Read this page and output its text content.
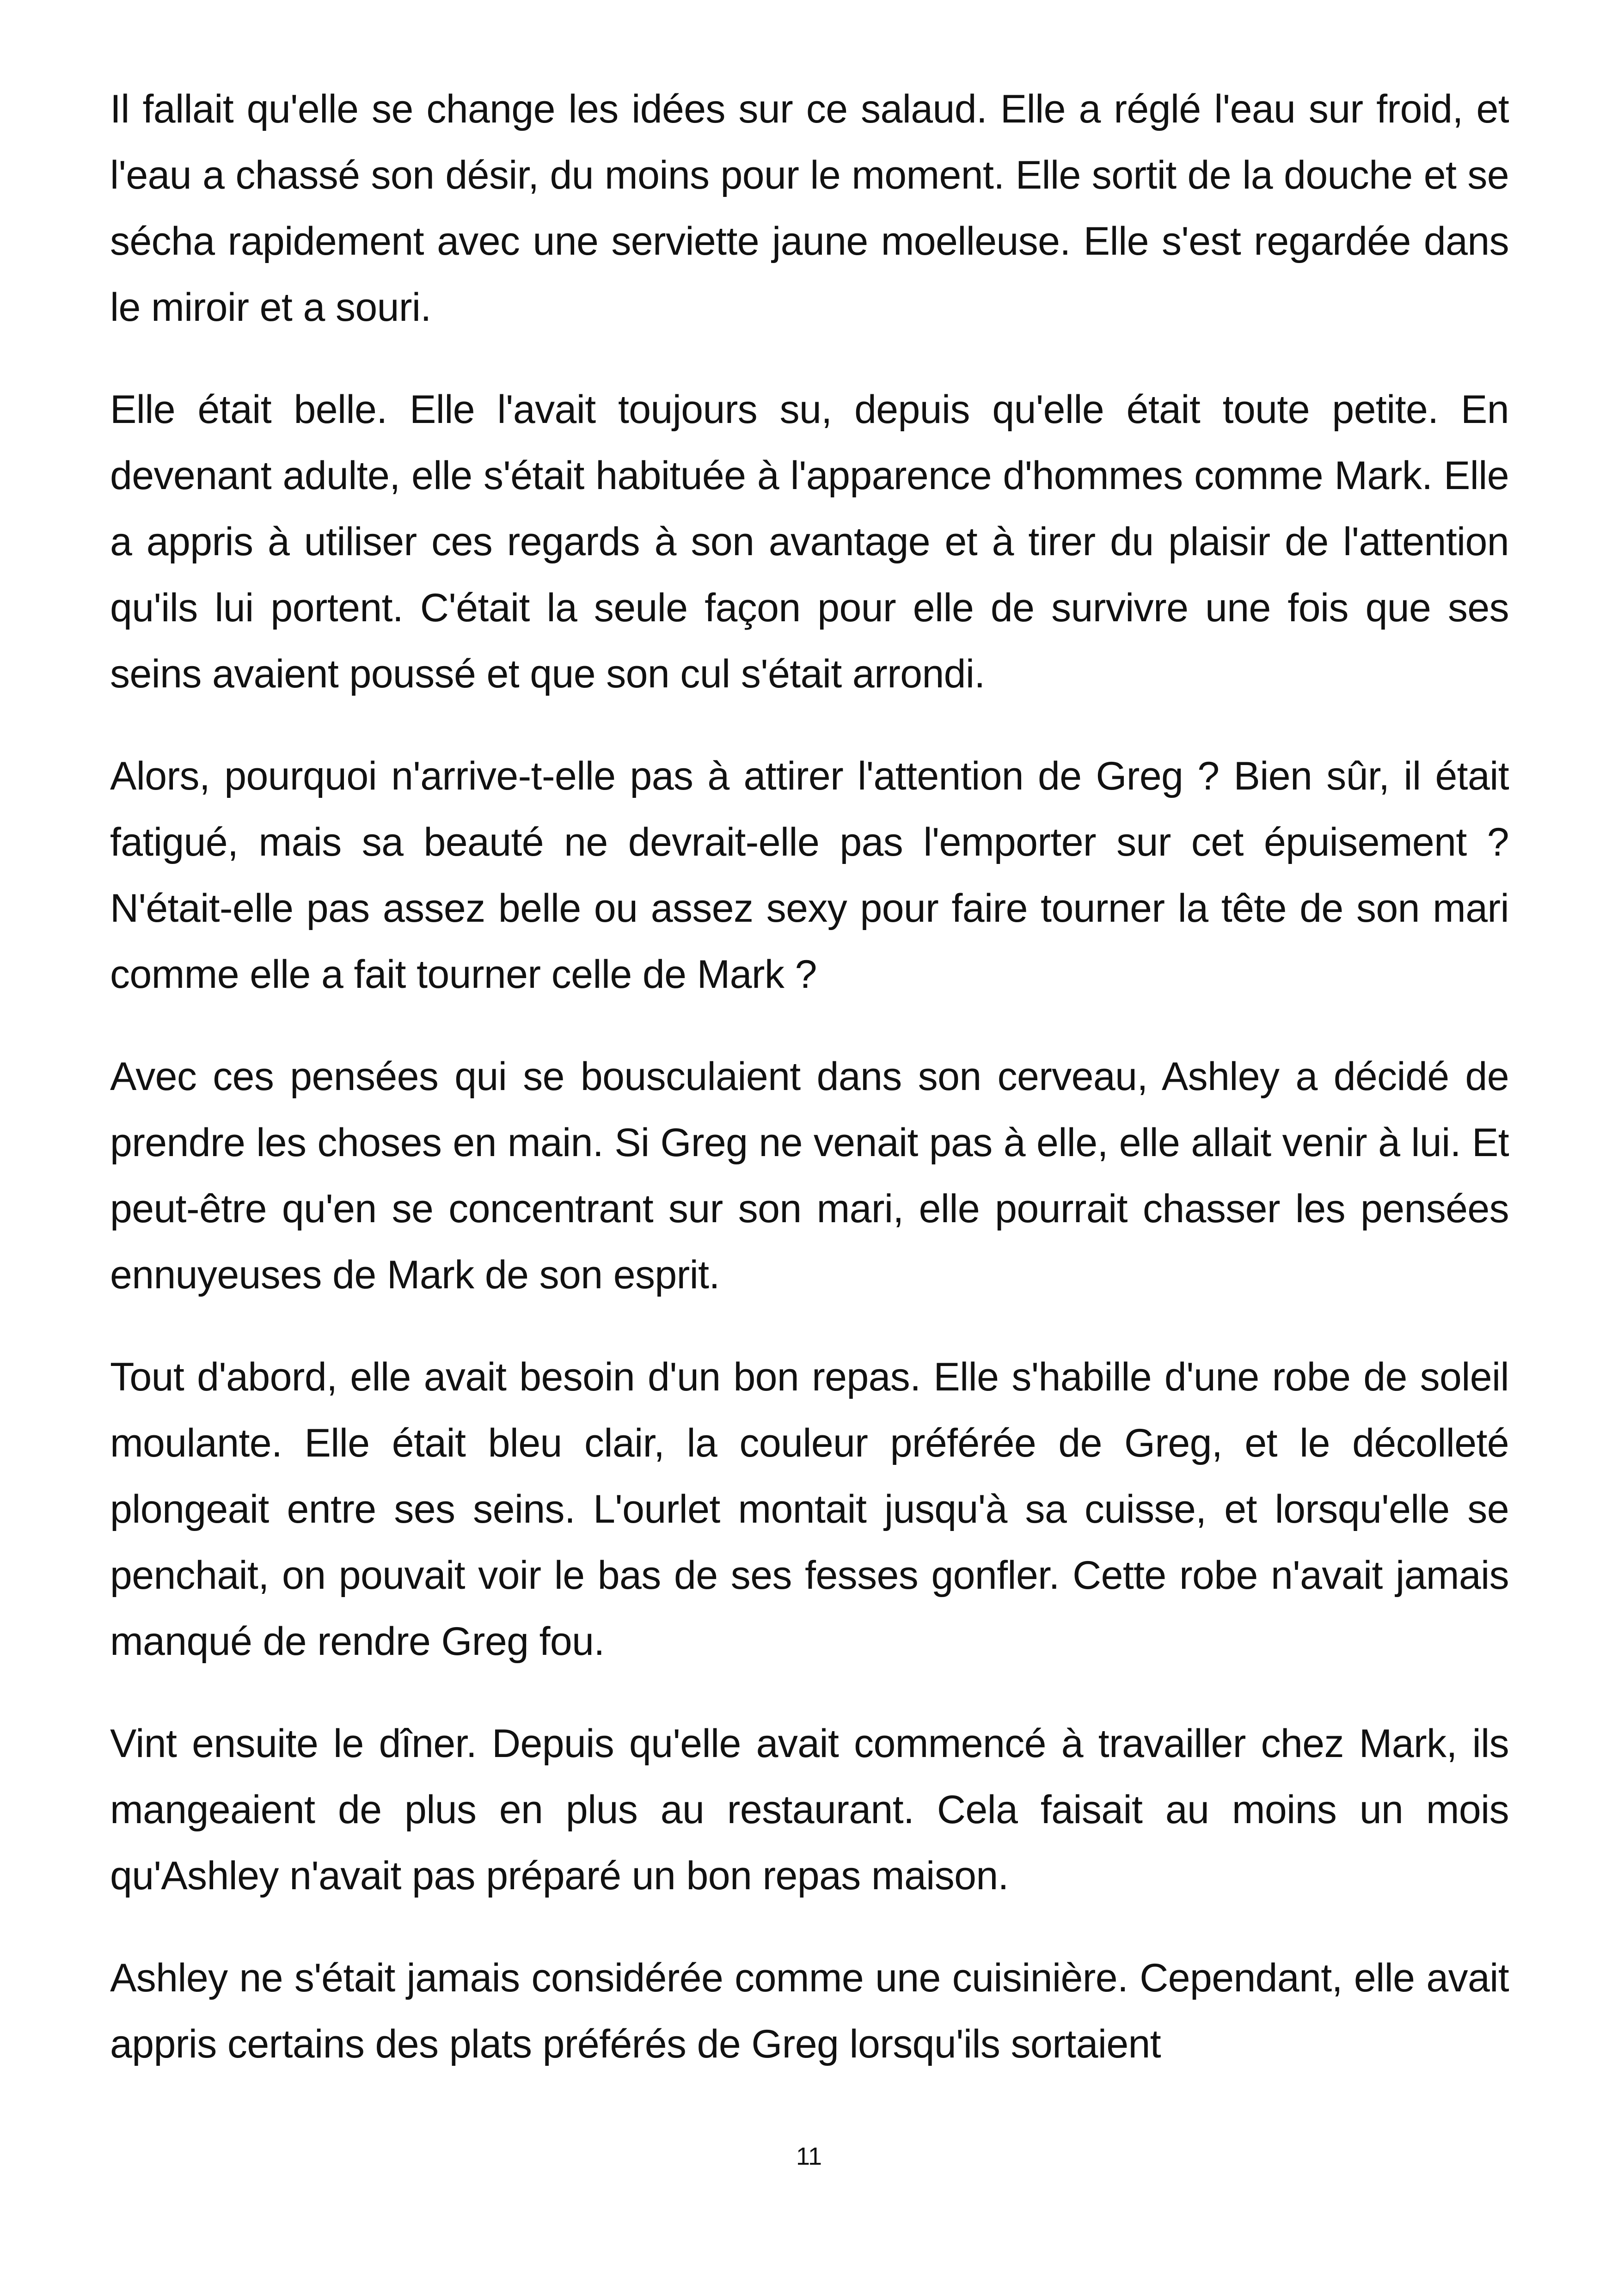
Il fallait qu'elle se change les idées sur ce salaud. Elle a réglé l'eau sur froid, et l'eau a chassé son désir, du moins pour le moment. Elle sortit de la douche et se sécha rapidement avec une serviette jaune moelleuse. Elle s'est regardée dans le miroir et a souri.

Elle était belle. Elle l'avait toujours su, depuis qu'elle était toute petite. En devenant adulte, elle s'était habituée à l'apparence d'hommes comme Mark. Elle a appris à utiliser ces regards à son avantage et à tirer du plaisir de l'attention qu'ils lui portent. C'était la seule façon pour elle de survivre une fois que ses seins avaient poussé et que son cul s'était arrondi.

Alors, pourquoi n'arrive-t-elle pas à attirer l'attention de Greg ? Bien sûr, il était fatigué, mais sa beauté ne devrait-elle pas l'emporter sur cet épuisement ? N'était-elle pas assez belle ou assez sexy pour faire tourner la tête de son mari comme elle a fait tourner celle de Mark ?

Avec ces pensées qui se bousculaient dans son cerveau, Ashley a décidé de prendre les choses en main. Si Greg ne venait pas à elle, elle allait venir à lui. Et peut-être qu'en se concentrant sur son mari, elle pourrait chasser les pensées ennuyeuses de Mark de son esprit.

Tout d'abord, elle avait besoin d'un bon repas. Elle s'habille d'une robe de soleil moulante. Elle était bleu clair, la couleur préférée de Greg, et le décolleté plongeait entre ses seins. L'ourlet montait jusqu'à sa cuisse, et lorsqu'elle se penchait, on pouvait voir le bas de ses fesses gonfler. Cette robe n'avait jamais manqué de rendre Greg fou.

Vint ensuite le dîner. Depuis qu'elle avait commencé à travailler chez Mark, ils mangeaient de plus en plus au restaurant. Cela faisait au moins un mois qu'Ashley n'avait pas préparé un bon repas maison.

Ashley ne s'était jamais considérée comme une cuisinière. Cependant, elle avait appris certains des plats préférés de Greg lorsqu'ils sortaient

11
